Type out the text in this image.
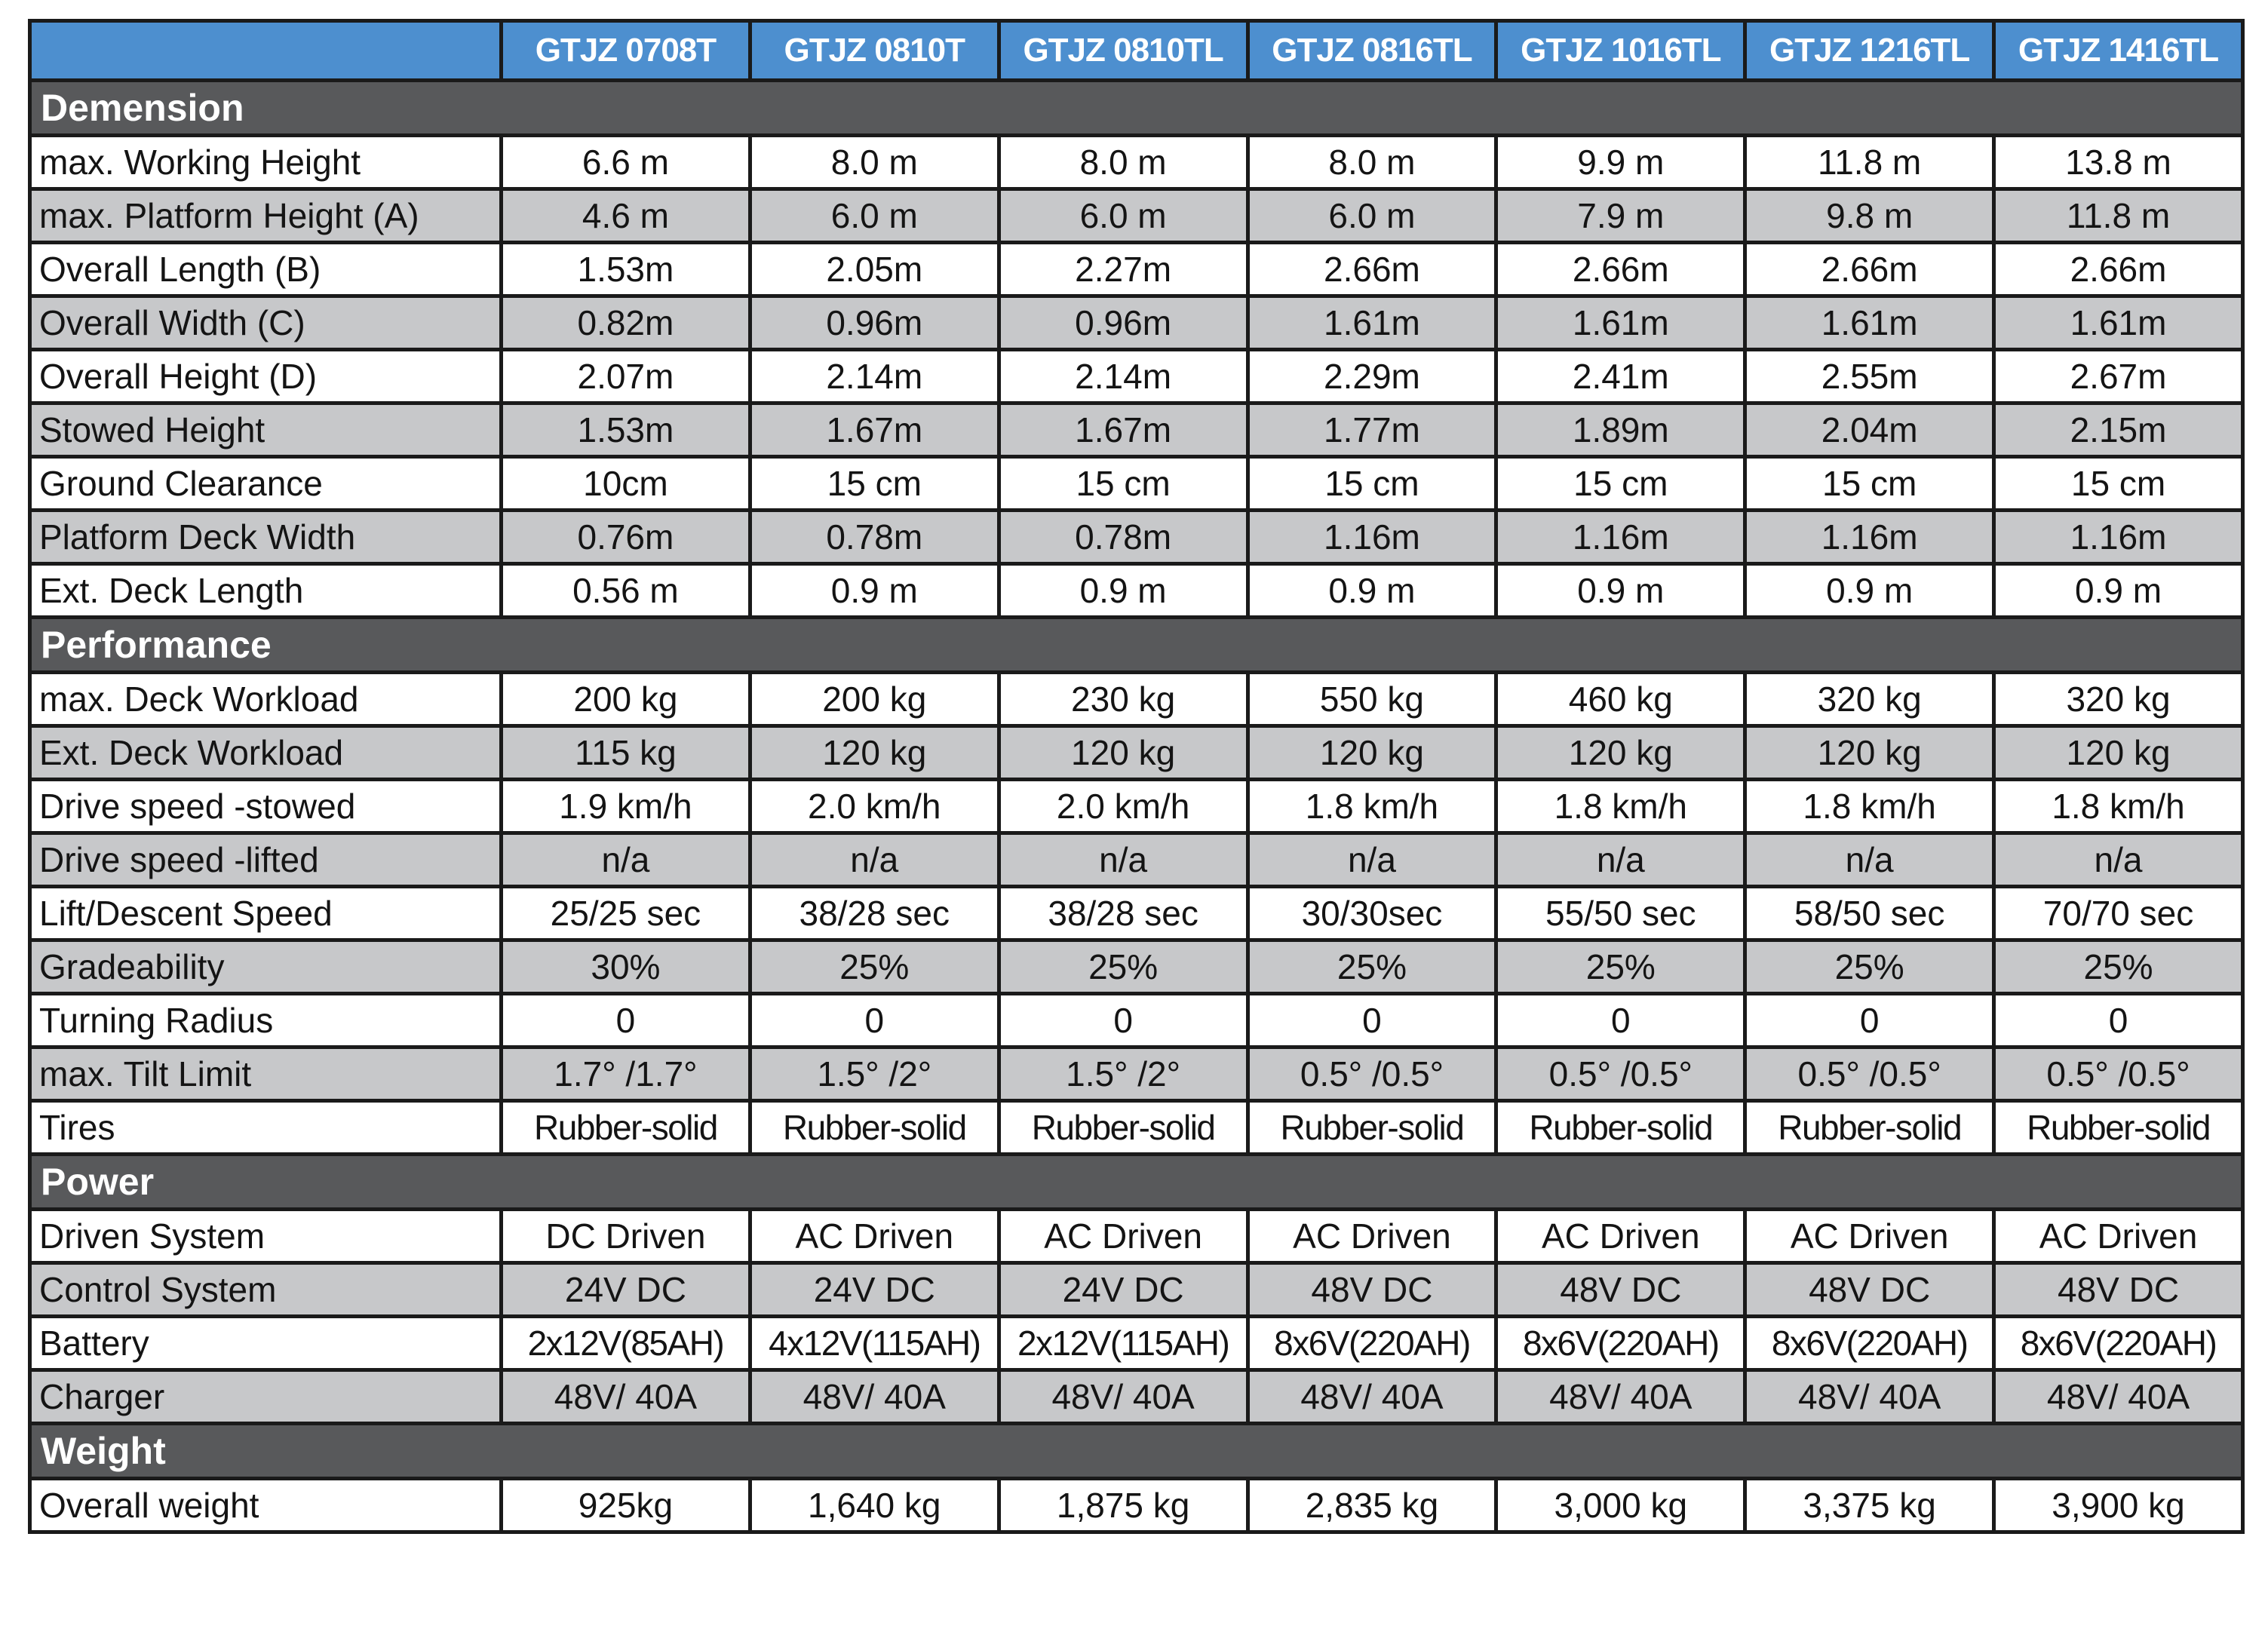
	GTJZ 0708T	GTJZ 0810T	GTJZ 0810TL	GTJZ 0816TL	GTJZ 1016TL	GTJZ 1216TL	GTJZ 1416TL
Demension							
max. Working Height	6.6 m	8.0 m	8.0 m	8.0 m	9.9 m	11.8 m	13.8 m
max. Platform Height (A)	4.6 m	6.0 m	6.0 m	6.0 m	7.9 m	9.8 m	11.8 m
Overall Length (B)	1.53m	2.05m	2.27m	2.66m	2.66m	2.66m	2.66m
Overall Width (C)	0.82m	0.96m	0.96m	1.61m	1.61m	1.61m	1.61m
Overall Height (D)	2.07m	2.14m	2.14m	2.29m	2.41m	2.55m	2.67m
Stowed Height	1.53m	1.67m	1.67m	1.77m	1.89m	2.04m	2.15m
Ground Clearance	10cm	15 cm	15 cm	15 cm	15 cm	15 cm	15 cm
Platform Deck Width	0.76m	0.78m	0.78m	1.16m	1.16m	1.16m	1.16m
Ext. Deck Length	0.56 m	0.9 m	0.9 m	0.9 m	0.9 m	0.9 m	0.9 m
Performance							
max. Deck Workload	200 kg	200 kg	230 kg	550 kg	460 kg	320 kg	320 kg
Ext. Deck Workload	115 kg	120 kg	120 kg	120 kg	120 kg	120 kg	120 kg
Drive speed -stowed	1.9 km/h	2.0 km/h	2.0 km/h	1.8 km/h	1.8 km/h	1.8 km/h	1.8 km/h
Drive speed -lifted	n/a	n/a	n/a	n/a	n/a	n/a	n/a
Lift/Descent Speed	25/25 sec	38/28 sec	38/28 sec	30/30sec	55/50 sec	58/50 sec	70/70 sec
Gradeability	30%	25%	25%	25%	25%	25%	25%
Turning Radius	0	0	0	0	0	0	0
max. Tilt Limit	1.7° /1.7°	1.5° /2°	1.5° /2°	0.5° /0.5°	0.5° /0.5°	0.5° /0.5°	0.5° /0.5°
Tires	Rubber-solid	Rubber-solid	Rubber-solid	Rubber-solid	Rubber-solid	Rubber-solid	Rubber-solid
Power							
Driven System	DC Driven	AC Driven	AC Driven	AC Driven	AC Driven	AC Driven	AC Driven
Control System	24V DC	24V DC	24V DC	48V DC	48V DC	48V DC	48V DC
Battery	2x12V(85AH)	4x12V(115AH)	2x12V(115AH)	8x6V(220AH)	8x6V(220AH)	8x6V(220AH)	8x6V(220AH)
Charger	48V/ 40A	48V/ 40A	48V/ 40A	48V/ 40A	48V/ 40A	48V/ 40A	48V/ 40A
Weight							
Overall weight	925kg	1,640 kg	1,875 kg	2,835 kg	3,000 kg	3,375 kg	3,900 kg
